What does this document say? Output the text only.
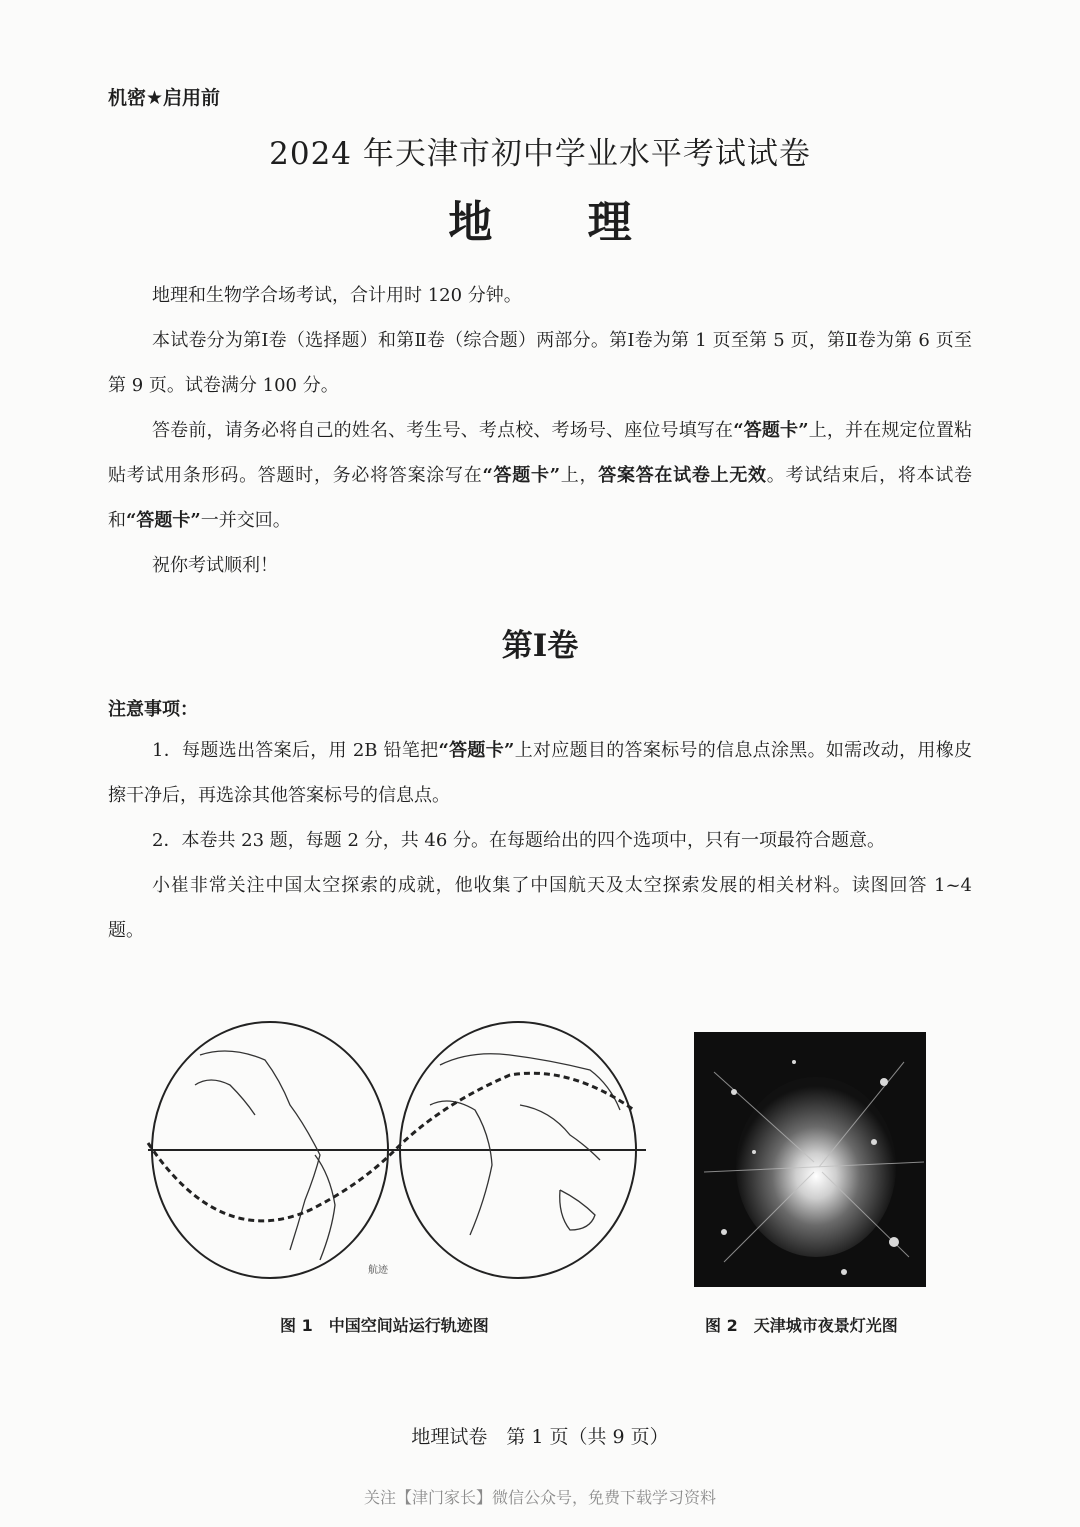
机密★启用前
2024 年天津市初中学业水平考试试卷
地 理

地理和生物学合场考试，合计用时 120 分钟。

本试卷分为第Ⅰ卷（选择题）和第Ⅱ卷（综合题）两部分。第Ⅰ卷为第 1 页至第 5 页，第Ⅱ卷为第 6 页至第 9 页。试卷满分 100 分。

答卷前，请务必将自己的姓名、考生号、考点校、考场号、座位号填写在“答题卡”上，并在规定位置粘贴考试用条形码。答题时，务必将答案涂写在“答题卡”上，答案答在试卷上无效。考试结束后，将本试卷和“答题卡”一并交回。

祝你考试顺利！

第Ⅰ卷
注意事项：

1．每题选出答案后，用 2B 铅笔把“答题卡”上对应题目的答案标号的信息点涂黑。如需改动，用橡皮擦干净后，再选涂其他答案标号的信息点。

2．本卷共 23 题，每题 2 分，共 46 分。在每题给出的四个选项中，只有一项最符合题意。

小崔非常关注中国太空探索的成就，他收集了中国航天及太空探索发展的相关材料。读图回答 1~4 题。

航迹
图 1　中国空间站运行轨迹图	图 2　天津城市夜景灯光图
地理试卷　第 1 页（共 9 页）
关注【津门家长】微信公众号，免费下载学习资料
